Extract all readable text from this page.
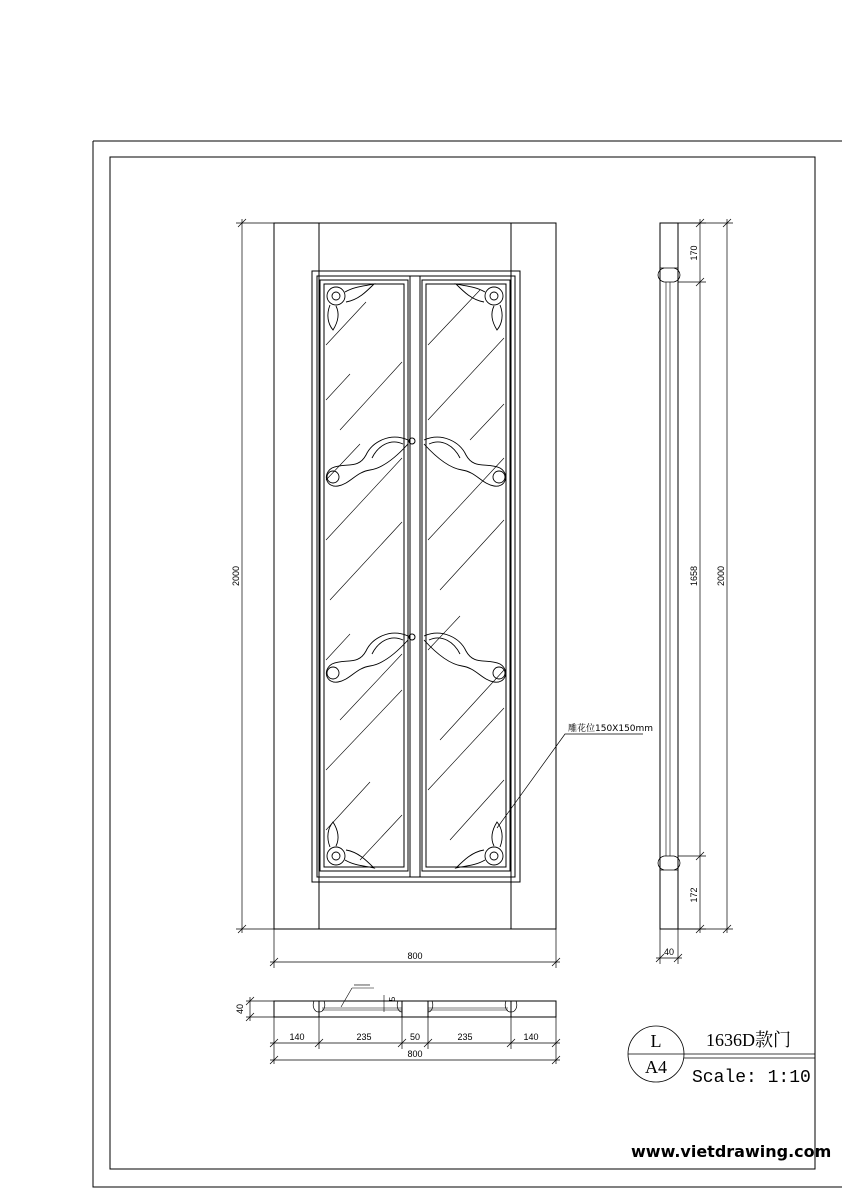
雕花位150X150mm
2000
800
170
1658
172
2000
40
xxxxxxxx
5
40
140	235	50	235	140
800
L
A4
1636D款门
Scale: 1:10
www.vietdrawing.com
